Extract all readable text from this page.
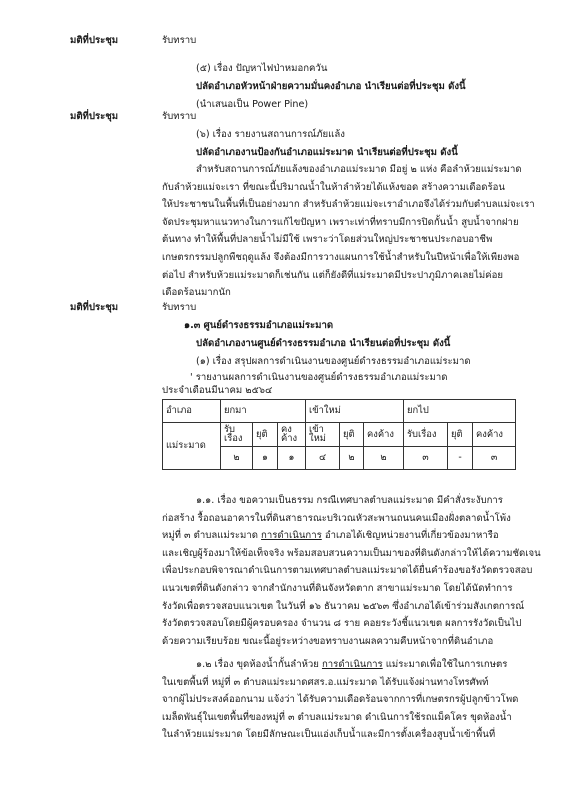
มติที่ประชุม	รับทราบ
(๕) เรื่อง ปัญหาไฟป่าหมอกควัน
ปลัดอำเภอหัวหน้าฝ่ายความมั่นคงอำเภอ นำเรียนต่อที่ประชุม ดังนี้
(นำเสนอเป็น Power Pine)
มติที่ประชุม	รับทราบ
(๖) เรื่อง รายงานสถานการณ์ภัยแล้ง
ปลัดอำเภองานป้องกันอำเภอแม่ระมาด นำเรียนต่อที่ประชุม ดังนี้
สำหรับสถานการณ์ภัยแล้งของอำเภอแม่ระมาด มีอยู่ ๒ แห่ง คือลำห้วยแม่ระมาด
กับลำห้วยแม่จะเรา ที่ขณะนี้ปริมาณน้ำในห้าลำห้วยได้แห้งขอด สร้างความเดือดร้อน
ให้ประชาชนในพื้นที่เป็นอย่างมาก สำหรับลำห้วยแม่จะเราอำเภอจึงได้ร่วมกับตำบลแม่จะเรา
จัดประชุมหาแนวทางในการแก้ไขปัญหา เพราะเท่าที่ทราบมีการปิดกั้นน้ำ สูบน้ำจากฝาย
ต้นทาง ทำให้พื้นที่ปลายน้ำไม่มีใช้ เพราะว่าโดยส่วนใหญ่ประชาชนประกอบอาชีพ
เกษตรกรรมปลูกพืชฤดูแล้ง จึงต้องมีการวางแผนการใช้น้ำสำหรับในปีหน้าเพื่อให้เพียงพอ
ต่อไป สำหรับห้วยแม่ระมาดก็เช่นกัน แต่ก็ยังดีที่แม่ระมาดมีประปาภูมิภาคเลยไม่ค่อย
เดือดร้อนมากนัก
มติที่ประชุม	รับทราบ
๑.๓ ศูนย์ดำรงธรรมอำเภอแม่ระมาด
ปลัดอำเภองานศูนย์ดำรงธรรมอำเภอ นำเรียนต่อที่ประชุม ดังนี้
(๑) เรื่อง สรุปผลการดำเนินงานของศูนย์ดำรงธรรมอำเภอแม่ระมาด
' รายงานผลการดำเนินงานของศูนย์ดำรงธรรมอำเภอแม่ระมาด
ประจำเดือนมีนาคม ๒๕๖๔
อำเภอ	ยกมา			เข้าใหม่			ยกไป		
แม่ระมาด	รับเรื่อง	ยุติ	คงค้าง	เข้าใหม่	ยุติ	คงค้าง	รับเรื่อง	ยุติ	คงค้าง
	๒	๑	๑	๔	๒	๒	๓	-	๓
๑.๑. เรื่อง ขอความเป็นธรรม กรณีเทศบาลตำบลแม่ระมาด มีคำสั่งระงับการ
ก่อสร้าง รื้อถอนอาคารในที่ดินสาธารณะบริเวณหัวสะพานถนนคนเมืองฝั่งตลาดน้ำโพ้ง
หมู่ที่ ๓ ตำบลแม่ระมาด การดำเนินการ อำเภอได้เชิญหน่วยงานที่เกี่ยวข้องมาหารือ
และเชิญผู้ร้องมาให้ข้อเท็จจริง พร้อมสอบสวนความเป็นมาของที่ดินดังกล่าวให้ได้ความชัดเจน
เพื่อประกอบพิจารณาดำเนินการตามเทศบาลตำบลแม่ระมาดได้ยื่นคำร้องขอรังวัดตรวจสอบ
แนวเขตที่ดินดังกล่าว จากสำนักงานที่ดินจังหวัดตาก สาขาแม่ระมาด โดยได้นัดทำการ
รังวัดเพื่อตรวจสอบแนวเขต ในวันที่ ๑๖ ธันวาคม ๒๕๖๓ ซึ่งอำเภอได้เข้าร่วมสังเกตการณ์
รังวัดตรวจสอบโดยมีผู้ครอบครอง จำนวน ๘ ราย คอยระวังชี้แนวเขต ผลการรังวัดเป็นไป
ด้วยความเรียบร้อย ขณะนี้อยู่ระหว่างขอทราบงานผลความคืบหน้าจากที่ดินอำเภอ
๑.๒ เรื่อง ขุดห้องน้ำกั้นลำห้วย การดำเนินการ แม่ระมาดเพื่อใช้ในการเกษตร
ในเขตพื้นที่ หมู่ที่ ๓ ตำบลแม่ระมาดศสร.อ.แม่ระมาด ได้รับแจ้งผ่านทางโทรศัพท์
จากผู้ไม่ประสงค์ออกนาม แจ้งว่า ได้รับความเดือดร้อนจากการที่เกษตรกรผู้ปลูกข้าวโพด
เมล็ดพันธุ์ในเขตพื้นที่ของหมู่ที่ ๓ ตำบลแม่ระมาด ดำเนินการใช้รถแม็คโคร ขุดห้องน้ำ
ในลำห้วยแม่ระมาด โดยมีลักษณะเป็นแอ่งเก็บน้ำและมีการตั้งเครื่องสูบน้ำเข้าพื้นที่
